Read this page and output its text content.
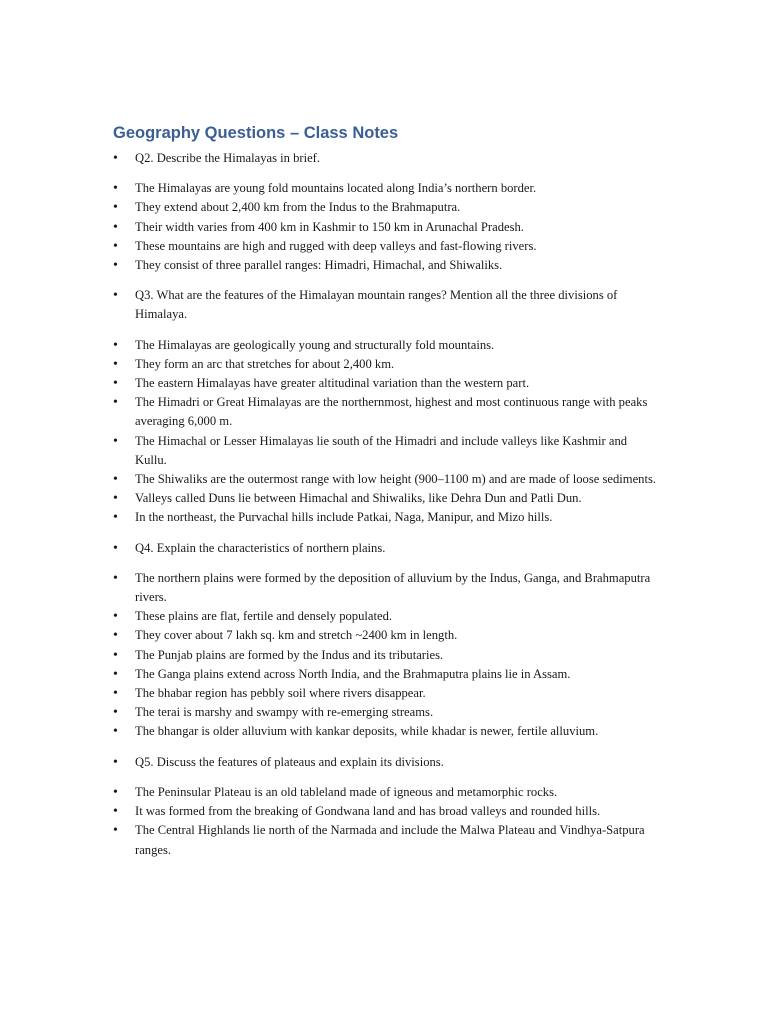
Geography Questions – Class Notes
• Q2. Describe the Himalayas in brief.
• The Himalayas are young fold mountains located along India’s northern border.
• They extend about 2,400 km from the Indus to the Brahmaputra.
• Their width varies from 400 km in Kashmir to 150 km in Arunachal Pradesh.
• These mountains are high and rugged with deep valleys and fast-flowing rivers.
• They consist of three parallel ranges: Himadri, Himachal, and Shiwaliks.
• Q3. What are the features of the Himalayan mountain ranges? Mention all the three divisions of Himalaya.
• The Himalayas are geologically young and structurally fold mountains.
• They form an arc that stretches for about 2,400 km.
• The eastern Himalayas have greater altitudinal variation than the western part.
• The Himadri or Great Himalayas are the northernmost, highest and most continuous range with peaks averaging 6,000 m.
• The Himachal or Lesser Himalayas lie south of the Himadri and include valleys like Kashmir and Kullu.
• The Shiwaliks are the outermost range with low height (900–1100 m) and are made of loose sediments.
• Valleys called Duns lie between Himachal and Shiwaliks, like Dehra Dun and Patli Dun.
• In the northeast, the Purvachal hills include Patkai, Naga, Manipur, and Mizo hills.
• Q4. Explain the characteristics of northern plains.
• The northern plains were formed by the deposition of alluvium by the Indus, Ganga, and Brahmaputra rivers.
• These plains are flat, fertile and densely populated.
• They cover about 7 lakh sq. km and stretch ~2400 km in length.
• The Punjab plains are formed by the Indus and its tributaries.
• The Ganga plains extend across North India, and the Brahmaputra plains lie in Assam.
• The bhabar region has pebbly soil where rivers disappear.
• The terai is marshy and swampy with re-emerging streams.
• The bhangar is older alluvium with kankar deposits, while khadar is newer, fertile alluvium.
• Q5. Discuss the features of plateaus and explain its divisions.
• The Peninsular Plateau is an old tableland made of igneous and metamorphic rocks.
• It was formed from the breaking of Gondwana land and has broad valleys and rounded hills.
• The Central Highlands lie north of the Narmada and include the Malwa Plateau and Vindhya-Satpura ranges.
